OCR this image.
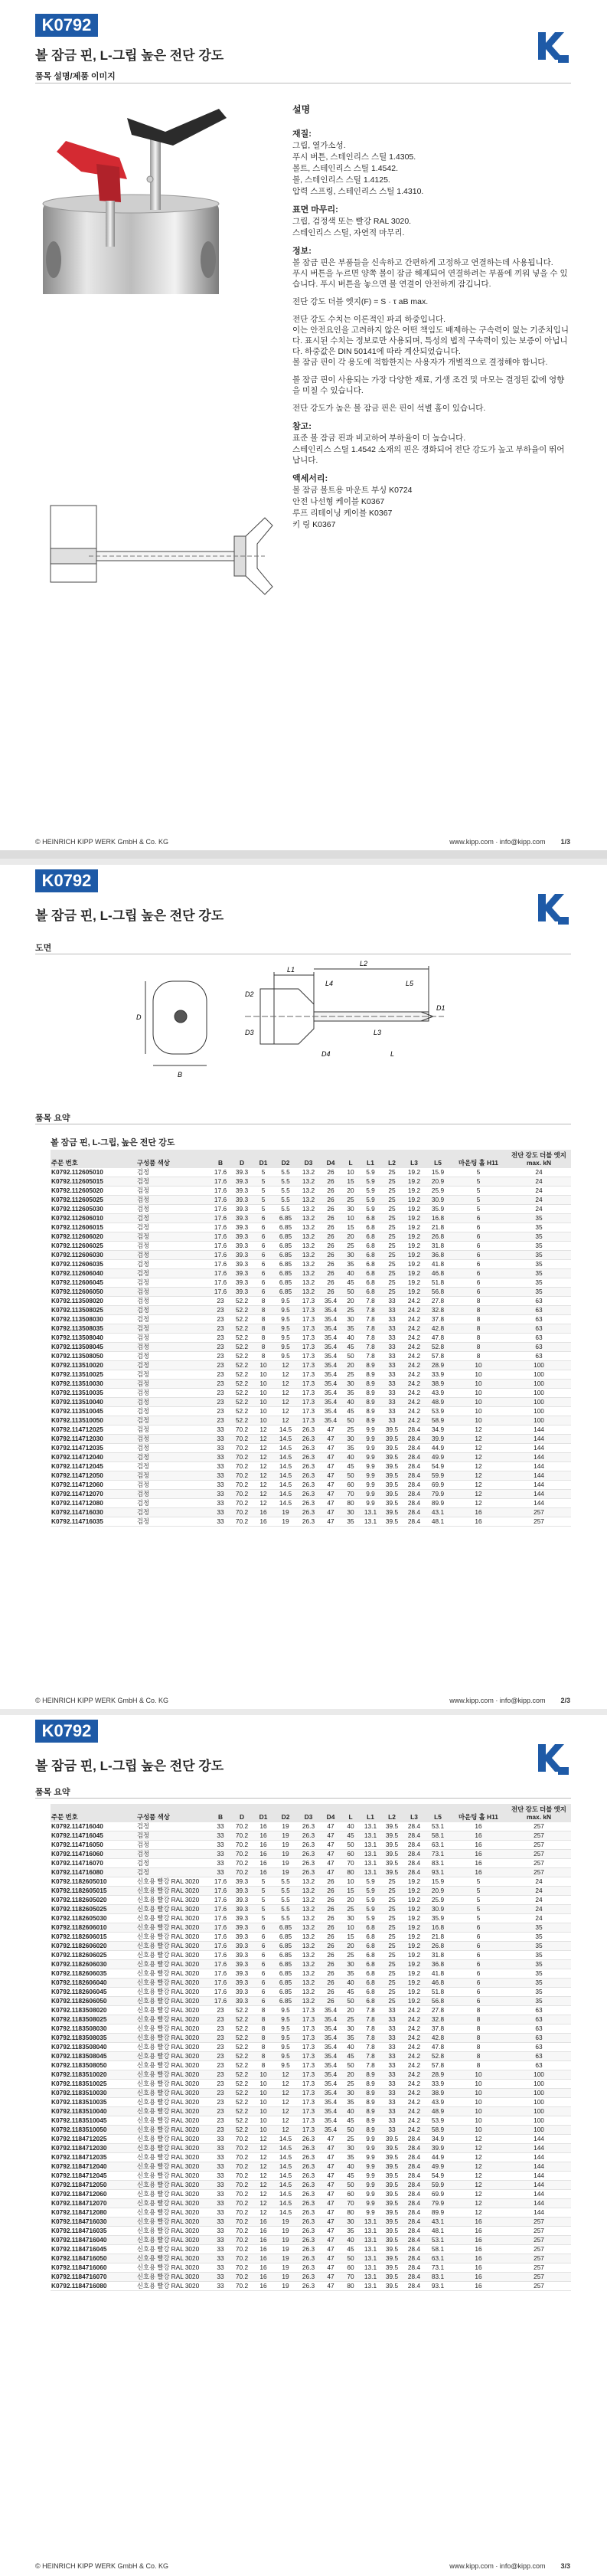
K0792
볼 잠금 핀, L-그립 높은 전단 강도
품목 설명/제품 이미지
설명
재질:

그립, 열가소성.

푸시 버튼, 스테인리스 스틸 1.4305.

볼트, 스테인리스 스틸 1.4542.

볼, 스테인리스 스틸 1.4125.

압력 스프링, 스테인리스 스틸 1.4310.

표면 마무리:

그립, 검정색 또는 빨강 RAL 3020.

스테인리스 스틸, 자연적 마무리.

정보:

볼 잠금 핀은 부품들을 신속하고 간편하게 고정하고 연결하는데 사용됩니다.
푸시 버튼을 누르면 양쪽 볼이 잠금 해제되어 연결하려는 부품에 끼워 넣을 수 있습니다. 푸시 버튼을 놓으면 볼 연결이 안전하게 잠깁니다.

전단 강도 더블 엣지(F) = S · τ aB max.

전단 강도 수치는 이론적인 파괴 하중입니다.
이는 안전요인을 고려하지 않은 어떤 책임도 배제하는 구속력이 없는 기준치입니다. 표시된 수치는 정보로만 사용되며, 특성의 법적 구속력이 있는 보증이 아닙니다. 하중값은 DIN 50141에 따라 계산되었습니다.
볼 잠금 핀이 각 용도에 적합한지는 사용자가 개별적으로 결정해야 합니다.

볼 잠금 핀이 사용되는 가장 다양한 재료, 기생 조건 및 마모는 결정된 값에 영향을 미칠 수 있습니다.

전단 강도가 높은 볼 잠금 핀은 핀이 석별 홈이 있습니다.

참고:

표준 볼 잠금 핀과 비교하여 부하율이 더 높습니다.

스테인리스 스틸 1.4542 소재의 핀은 경화되어 전단 강도가 높고 부하율이 뛰어납니다.

액세서리:

볼 잠금 볼트용 마운트 부싱 K0724

안전 나선형 케이블 K0367

루프 리테이닝 케이블 K0367

키 링 K0367

© HEINRICH KIPP WERK GmbH & Co. KG	www.kipp.com · info@kipp.com 1/3
K0792
볼 잠금 핀, L-그립 높은 전단 강도
도면
L1
L2
L3
D
D1
D2
D3
D4
B
L
L4	L5
품목 요약
볼 잠금 핀, L-그립, 높은 전단 강도
주문 번호	구성품 색상	B	D	D1	D2	D3	D4	L	L1	L2	L3	L5	마운팅 홀 H11	전단 강도 더블 엣지 max. kN
K0792.112605010	검정	17.6	39.3	5	5.5	13.2	26	10	5.9	25	19.2	15.9	5	24
K0792.112605015	검정	17.6	39.3	5	5.5	13.2	26	15	5.9	25	19.2	20.9	5	24
K0792.112605020	검정	17.6	39.3	5	5.5	13.2	26	20	5.9	25	19.2	25.9	5	24
K0792.112605025	검정	17.6	39.3	5	5.5	13.2	26	25	5.9	25	19.2	30.9	5	24
K0792.112605030	검정	17.6	39.3	5	5.5	13.2	26	30	5.9	25	19.2	35.9	5	24
K0792.112606010	검정	17.6	39.3	6	6.85	13.2	26	10	6.8	25	19.2	16.8	6	35
K0792.112606015	검정	17.6	39.3	6	6.85	13.2	26	15	6.8	25	19.2	21.8	6	35
K0792.112606020	검정	17.6	39.3	6	6.85	13.2	26	20	6.8	25	19.2	26.8	6	35
K0792.112606025	검정	17.6	39.3	6	6.85	13.2	26	25	6.8	25	19.2	31.8	6	35
K0792.112606030	검정	17.6	39.3	6	6.85	13.2	26	30	6.8	25	19.2	36.8	6	35
K0792.112606035	검정	17.6	39.3	6	6.85	13.2	26	35	6.8	25	19.2	41.8	6	35
K0792.112606040	검정	17.6	39.3	6	6.85	13.2	26	40	6.8	25	19.2	46.8	6	35
K0792.112606045	검정	17.6	39.3	6	6.85	13.2	26	45	6.8	25	19.2	51.8	6	35
K0792.112606050	검정	17.6	39.3	6	6.85	13.2	26	50	6.8	25	19.2	56.8	6	35
K0792.113508020	검정	23	52.2	8	9.5	17.3	35.4	20	7.8	33	24.2	27.8	8	63
K0792.113508025	검정	23	52.2	8	9.5	17.3	35.4	25	7.8	33	24.2	32.8	8	63
K0792.113508030	검정	23	52.2	8	9.5	17.3	35.4	30	7.8	33	24.2	37.8	8	63
K0792.113508035	검정	23	52.2	8	9.5	17.3	35.4	35	7.8	33	24.2	42.8	8	63
K0792.113508040	검정	23	52.2	8	9.5	17.3	35.4	40	7.8	33	24.2	47.8	8	63
K0792.113508045	검정	23	52.2	8	9.5	17.3	35.4	45	7.8	33	24.2	52.8	8	63
K0792.113508050	검정	23	52.2	8	9.5	17.3	35.4	50	7.8	33	24.2	57.8	8	63
K0792.113510020	검정	23	52.2	10	12	17.3	35.4	20	8.9	33	24.2	28.9	10	100
K0792.113510025	검정	23	52.2	10	12	17.3	35.4	25	8.9	33	24.2	33.9	10	100
K0792.113510030	검정	23	52.2	10	12	17.3	35.4	30	8.9	33	24.2	38.9	10	100
K0792.113510035	검정	23	52.2	10	12	17.3	35.4	35	8.9	33	24.2	43.9	10	100
K0792.113510040	검정	23	52.2	10	12	17.3	35.4	40	8.9	33	24.2	48.9	10	100
K0792.113510045	검정	23	52.2	10	12	17.3	35.4	45	8.9	33	24.2	53.9	10	100
K0792.113510050	검정	23	52.2	10	12	17.3	35.4	50	8.9	33	24.2	58.9	10	100
K0792.114712025	검정	33	70.2	12	14.5	26.3	47	25	9.9	39.5	28.4	34.9	12	144
K0792.114712030	검정	33	70.2	12	14.5	26.3	47	30	9.9	39.5	28.4	39.9	12	144
K0792.114712035	검정	33	70.2	12	14.5	26.3	47	35	9.9	39.5	28.4	44.9	12	144
K0792.114712040	검정	33	70.2	12	14.5	26.3	47	40	9.9	39.5	28.4	49.9	12	144
K0792.114712045	검정	33	70.2	12	14.5	26.3	47	45	9.9	39.5	28.4	54.9	12	144
K0792.114712050	검정	33	70.2	12	14.5	26.3	47	50	9.9	39.5	28.4	59.9	12	144
K0792.114712060	검정	33	70.2	12	14.5	26.3	47	60	9.9	39.5	28.4	69.9	12	144
K0792.114712070	검정	33	70.2	12	14.5	26.3	47	70	9.9	39.5	28.4	79.9	12	144
K0792.114712080	검정	33	70.2	12	14.5	26.3	47	80	9.9	39.5	28.4	89.9	12	144
K0792.114716030	검정	33	70.2	16	19	26.3	47	30	13.1	39.5	28.4	43.1	16	257
K0792.114716035	검정	33	70.2	16	19	26.3	47	35	13.1	39.5	28.4	48.1	16	257
© HEINRICH KIPP WERK GmbH & Co. KG	www.kipp.com · info@kipp.com 2/3
K0792
볼 잠금 핀, L-그립 높은 전단 강도
품목 요약
주문 번호	구성품 색상	B	D	D1	D2	D3	D4	L	L1	L2	L3	L5	마운팅 홀 H11	전단 강도 더블 엣지 max. kN
K0792.114716040	검정	33	70.2	16	19	26.3	47	40	13.1	39.5	28.4	53.1	16	257
K0792.114716045	검정	33	70.2	16	19	26.3	47	45	13.1	39.5	28.4	58.1	16	257
K0792.114716050	검정	33	70.2	16	19	26.3	47	50	13.1	39.5	28.4	63.1	16	257
K0792.114716060	검정	33	70.2	16	19	26.3	47	60	13.1	39.5	28.4	73.1	16	257
K0792.114716070	검정	33	70.2	16	19	26.3	47	70	13.1	39.5	28.4	83.1	16	257
K0792.114716080	검정	33	70.2	16	19	26.3	47	80	13.1	39.5	28.4	93.1	16	257
K0792.1182605010	신호용 빨강 RAL 3020	17.6	39.3	5	5.5	13.2	26	10	5.9	25	19.2	15.9	5	24
K0792.1182605015	신호용 빨강 RAL 3020	17.6	39.3	5	5.5	13.2	26	15	5.9	25	19.2	20.9	5	24
K0792.1182605020	신호용 빨강 RAL 3020	17.6	39.3	5	5.5	13.2	26	20	5.9	25	19.2	25.9	5	24
K0792.1182605025	신호용 빨강 RAL 3020	17.6	39.3	5	5.5	13.2	26	25	5.9	25	19.2	30.9	5	24
K0792.1182605030	신호용 빨강 RAL 3020	17.6	39.3	5	5.5	13.2	26	30	5.9	25	19.2	35.9	5	24
K0792.1182606010	신호용 빨강 RAL 3020	17.6	39.3	6	6.85	13.2	26	10	6.8	25	19.2	16.8	6	35
K0792.1182606015	신호용 빨강 RAL 3020	17.6	39.3	6	6.85	13.2	26	15	6.8	25	19.2	21.8	6	35
K0792.1182606020	신호용 빨강 RAL 3020	17.6	39.3	6	6.85	13.2	26	20	6.8	25	19.2	26.8	6	35
K0792.1182606025	신호용 빨강 RAL 3020	17.6	39.3	6	6.85	13.2	26	25	6.8	25	19.2	31.8	6	35
K0792.1182606030	신호용 빨강 RAL 3020	17.6	39.3	6	6.85	13.2	26	30	6.8	25	19.2	36.8	6	35
K0792.1182606035	신호용 빨강 RAL 3020	17.6	39.3	6	6.85	13.2	26	35	6.8	25	19.2	41.8	6	35
K0792.1182606040	신호용 빨강 RAL 3020	17.6	39.3	6	6.85	13.2	26	40	6.8	25	19.2	46.8	6	35
K0792.1182606045	신호용 빨강 RAL 3020	17.6	39.3	6	6.85	13.2	26	45	6.8	25	19.2	51.8	6	35
K0792.1182606050	신호용 빨강 RAL 3020	17.6	39.3	6	6.85	13.2	26	50	6.8	25	19.2	56.8	6	35
K0792.1183508020	신호용 빨강 RAL 3020	23	52.2	8	9.5	17.3	35.4	20	7.8	33	24.2	27.8	8	63
K0792.1183508025	신호용 빨강 RAL 3020	23	52.2	8	9.5	17.3	35.4	25	7.8	33	24.2	32.8	8	63
K0792.1183508030	신호용 빨강 RAL 3020	23	52.2	8	9.5	17.3	35.4	30	7.8	33	24.2	37.8	8	63
K0792.1183508035	신호용 빨강 RAL 3020	23	52.2	8	9.5	17.3	35.4	35	7.8	33	24.2	42.8	8	63
K0792.1183508040	신호용 빨강 RAL 3020	23	52.2	8	9.5	17.3	35.4	40	7.8	33	24.2	47.8	8	63
K0792.1183508045	신호용 빨강 RAL 3020	23	52.2	8	9.5	17.3	35.4	45	7.8	33	24.2	52.8	8	63
K0792.1183508050	신호용 빨강 RAL 3020	23	52.2	8	9.5	17.3	35.4	50	7.8	33	24.2	57.8	8	63
K0792.1183510020	신호용 빨강 RAL 3020	23	52.2	10	12	17.3	35.4	20	8.9	33	24.2	28.9	10	100
K0792.1183510025	신호용 빨강 RAL 3020	23	52.2	10	12	17.3	35.4	25	8.9	33	24.2	33.9	10	100
K0792.1183510030	신호용 빨강 RAL 3020	23	52.2	10	12	17.3	35.4	30	8.9	33	24.2	38.9	10	100
K0792.1183510035	신호용 빨강 RAL 3020	23	52.2	10	12	17.3	35.4	35	8.9	33	24.2	43.9	10	100
K0792.1183510040	신호용 빨강 RAL 3020	23	52.2	10	12	17.3	35.4	40	8.9	33	24.2	48.9	10	100
K0792.1183510045	신호용 빨강 RAL 3020	23	52.2	10	12	17.3	35.4	45	8.9	33	24.2	53.9	10	100
K0792.1183510050	신호용 빨강 RAL 3020	23	52.2	10	12	17.3	35.4	50	8.9	33	24.2	58.9	10	100
K0792.1184712025	신호용 빨강 RAL 3020	33	70.2	12	14.5	26.3	47	25	9.9	39.5	28.4	34.9	12	144
K0792.1184712030	신호용 빨강 RAL 3020	33	70.2	12	14.5	26.3	47	30	9.9	39.5	28.4	39.9	12	144
K0792.1184712035	신호용 빨강 RAL 3020	33	70.2	12	14.5	26.3	47	35	9.9	39.5	28.4	44.9	12	144
K0792.1184712040	신호용 빨강 RAL 3020	33	70.2	12	14.5	26.3	47	40	9.9	39.5	28.4	49.9	12	144
K0792.1184712045	신호용 빨강 RAL 3020	33	70.2	12	14.5	26.3	47	45	9.9	39.5	28.4	54.9	12	144
K0792.1184712050	신호용 빨강 RAL 3020	33	70.2	12	14.5	26.3	47	50	9.9	39.5	28.4	59.9	12	144
K0792.1184712060	신호용 빨강 RAL 3020	33	70.2	12	14.5	26.3	47	60	9.9	39.5	28.4	69.9	12	144
K0792.1184712070	신호용 빨강 RAL 3020	33	70.2	12	14.5	26.3	47	70	9.9	39.5	28.4	79.9	12	144
K0792.1184712080	신호용 빨강 RAL 3020	33	70.2	12	14.5	26.3	47	80	9.9	39.5	28.4	89.9	12	144
K0792.1184716030	신호용 빨강 RAL 3020	33	70.2	16	19	26.3	47	30	13.1	39.5	28.4	43.1	16	257
K0792.1184716035	신호용 빨강 RAL 3020	33	70.2	16	19	26.3	47	35	13.1	39.5	28.4	48.1	16	257
K0792.1184716040	신호용 빨강 RAL 3020	33	70.2	16	19	26.3	47	40	13.1	39.5	28.4	53.1	16	257
K0792.1184716045	신호용 빨강 RAL 3020	33	70.2	16	19	26.3	47	45	13.1	39.5	28.4	58.1	16	257
K0792.1184716050	신호용 빨강 RAL 3020	33	70.2	16	19	26.3	47	50	13.1	39.5	28.4	63.1	16	257
K0792.1184716060	신호용 빨강 RAL 3020	33	70.2	16	19	26.3	47	60	13.1	39.5	28.4	73.1	16	257
K0792.1184716070	신호용 빨강 RAL 3020	33	70.2	16	19	26.3	47	70	13.1	39.5	28.4	83.1	16	257
K0792.1184716080	신호용 빨강 RAL 3020	33	70.2	16	19	26.3	47	80	13.1	39.5	28.4	93.1	16	257
© HEINRICH KIPP WERK GmbH & Co. KG	www.kipp.com · info@kipp.com 3/3
